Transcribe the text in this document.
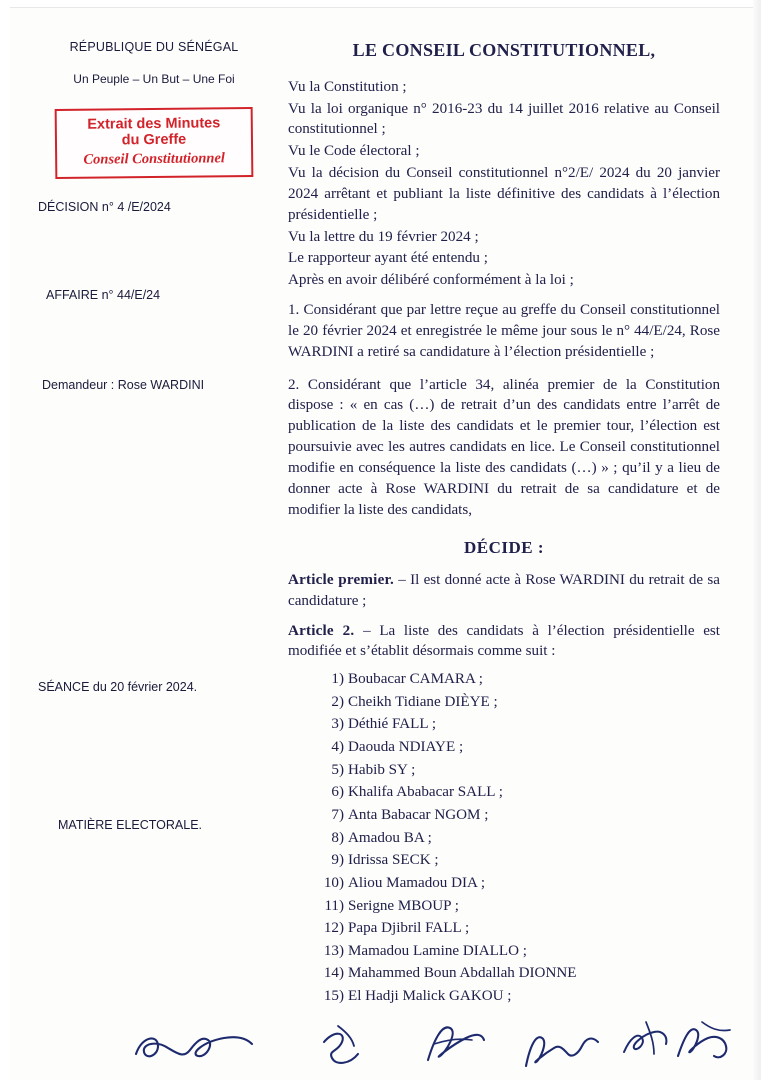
RÉPUBLIQUE DU SÉNÉGAL
Un Peuple – Un But – Une Foi
Extrait des Minutes
du Greffe
Conseil Constitutionnel
DÉCISION n° 4 /E/2024
AFFAIRE n° 44/E/24
Demandeur : Rose WARDINI
SÉANCE du 20 février 2024.
MATIÈRE ELECTORALE.
LE CONSEIL CONSTITUTIONNEL,
Vu la Constitution ;
Vu la loi organique n° 2016-23 du 14 juillet 2016 relative au Conseil constitutionnel ;
Vu le Code électoral ;
Vu la décision du Conseil constitutionnel n°2/E/ 2024 du 20 janvier 2024 arrêtant et publiant la liste définitive des candidats à l’élection présidentielle ;
Vu la lettre du 19 février 2024 ;
Le rapporteur ayant été entendu ;
Après en avoir délibéré conformément à la loi ;
1. Considérant que par lettre reçue au greffe du Conseil constitutionnel le 20 février 2024 et enregistrée le même jour sous le n° 44/E/24, Rose WARDINI a retiré sa candidature à l’élection présidentielle ;
2. Considérant que l’article 34, alinéa premier de la Constitution dispose : « en cas (…) de retrait d’un des candidats entre l’arrêt de publication de la liste des candidats et le premier tour, l’élection est poursuivie avec les autres candidats en lice. Le Conseil constitutionnel modifie en conséquence la liste des candidats (…) » ; qu’il y a lieu de donner acte à Rose WARDINI du retrait de sa candidature et de modifier la liste des candidats,
DÉCIDE :
Article premier. – Il est donné acte à Rose WARDINI du retrait de sa candidature ;
Article 2. – La liste des candidats à l’élection présidentielle est modifiée et s’établit désormais comme suit :
1) Boubacar CAMARA ;
2) Cheikh Tidiane DIÈYE ;
3) Déthié FALL ;
4) Daouda NDIAYE ;
5) Habib SY ;
6) Khalifa Ababacar SALL ;
7) Anta Babacar NGOM ;
8) Amadou BA ;
9) Idrissa SECK ;
10) Aliou Mamadou DIA ;
11) Serigne MBOUP ;
12) Papa Djibril FALL ;
13) Mamadou Lamine DIALLO ;
14) Mahammed Boun Abdallah DIONNE
15) El Hadji Malick GAKOU ;
